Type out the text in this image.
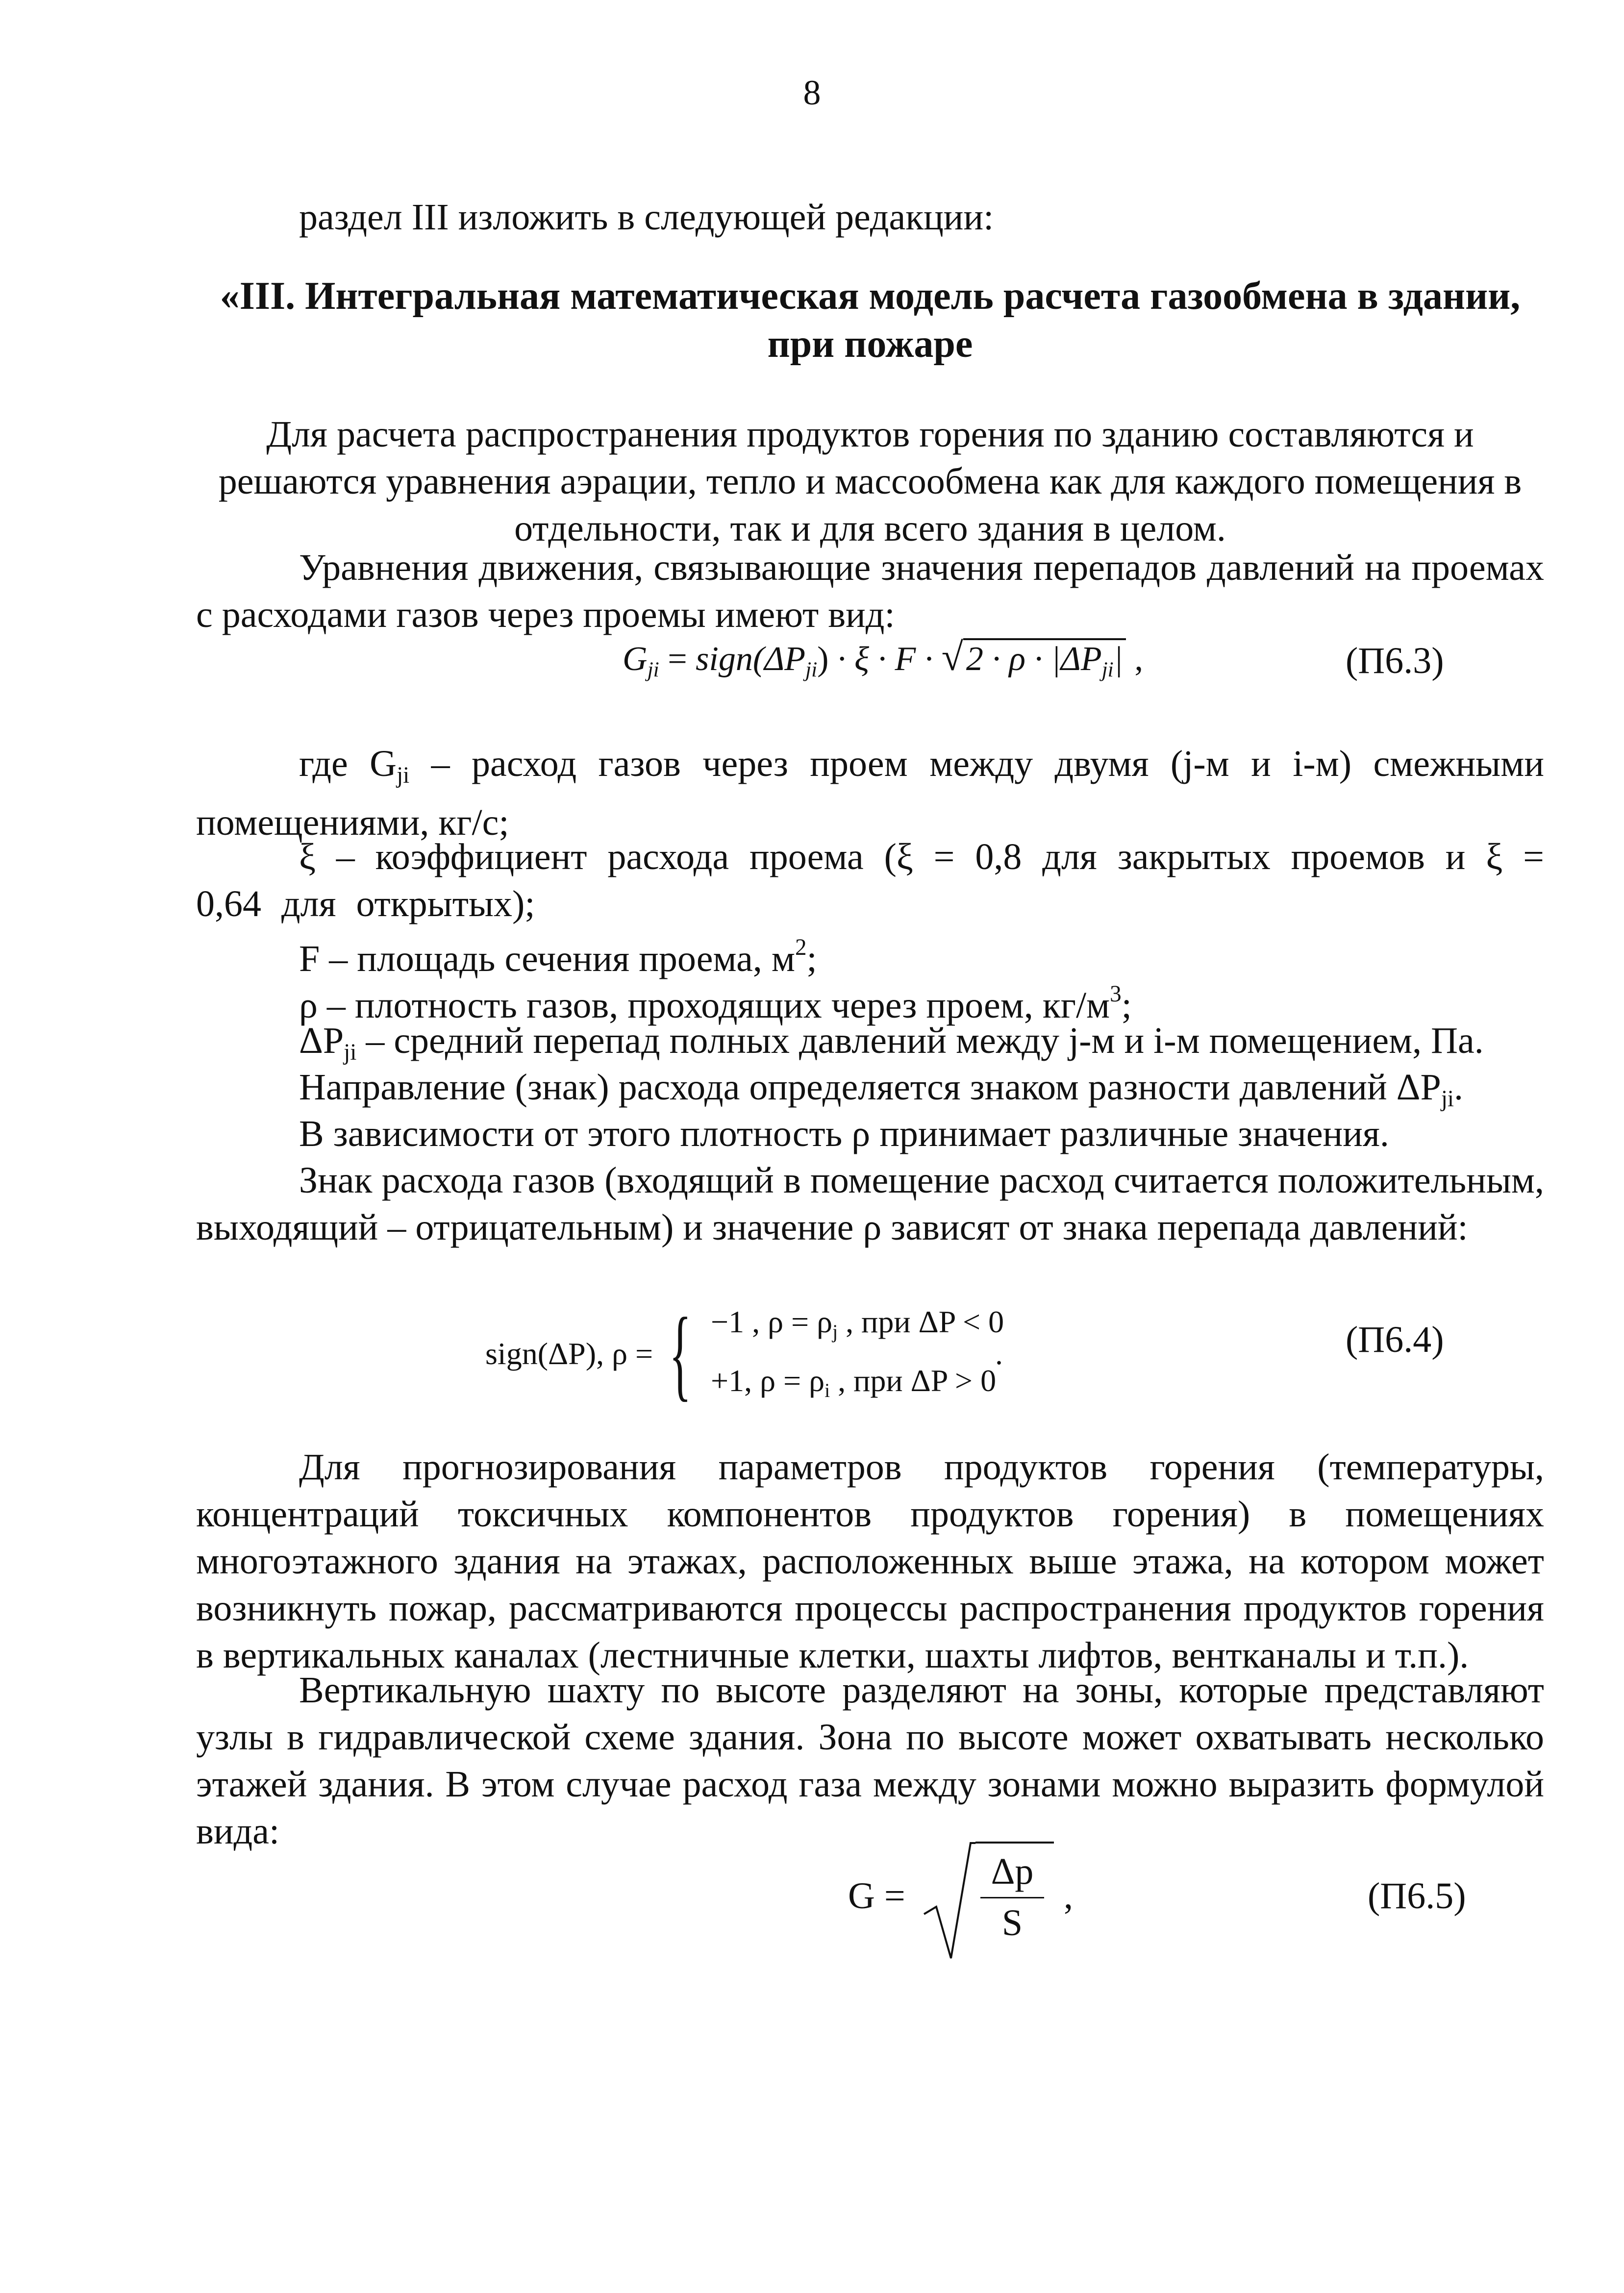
8

раздел III изложить в следующей редакции:

«III. Интегральная математическая модель расчета газообмена в здании,
при пожаре

Для расчета распространения продуктов горения по зданию составляются и решаются уравнения аэрации, тепло и массообмена как для каждого помещения в отдельности, так и для всего здания в целом.

Уравнения движения, связывающие значения перепадов давлений на проемах с расходами газов через проемы имеют вид:

$G_{ji}$ = $sign(\Delta P_{ji}) \cdot \xi \cdot F \cdot √2 \cdot \rho \cdot |\Delta P_{ji}|$ ,	(П6.3)

где $G_{ji}$ – расход газов через проем между двумя (j-м и i-м) смежными помещениями, кг/с;

ξ – коэффициент расхода проема (ξ = 0,8 для закрытых проемов и ξ = 0,64 для открытых);

F – площадь сечения проема, $м^2$;

ρ – плотность газов, проходящих через проем, $кг/м^3$;

$\Delta P_{ji}$ – средний перепад полных давлений между j-м и i-м помещением, Па.

Направление (знак) расхода определяется знаком разности давлений $\Delta P_{ji}$.

В зависимости от этого плотность ρ принимает различные значения.

Знак расхода газов (входящий в помещение расход считается положительным, выходящий – отрицательным) и значение ρ зависят от знака перепада давлений:

sign(ΔP), ρ = { −1 , $\rho = \rho_j$ , при ΔP < 0
+1, $\rho = \rho_i$ , при ΔP > 0
.	(П6.4)

Для прогнозирования параметров продуктов горения (температуры, концентраций токсичных компонентов продуктов горения) в помещениях многоэтажного здания на этажах, расположенных выше этажа, на котором может возникнуть пожар, рассматриваются процессы распространения продуктов горения в вертикальных каналах (лестничные клетки, шахты лифтов, вентканалы и т.п.).

Вертикальную шахту по высоте разделяют на зоны, которые представляют узлы в гидравлической схеме здания. Зона по высоте может охватывать несколько этажей здания. В этом случае расход газа между зонами можно выразить формулой вида:

G =
Δp
S
,	(П6.5)
